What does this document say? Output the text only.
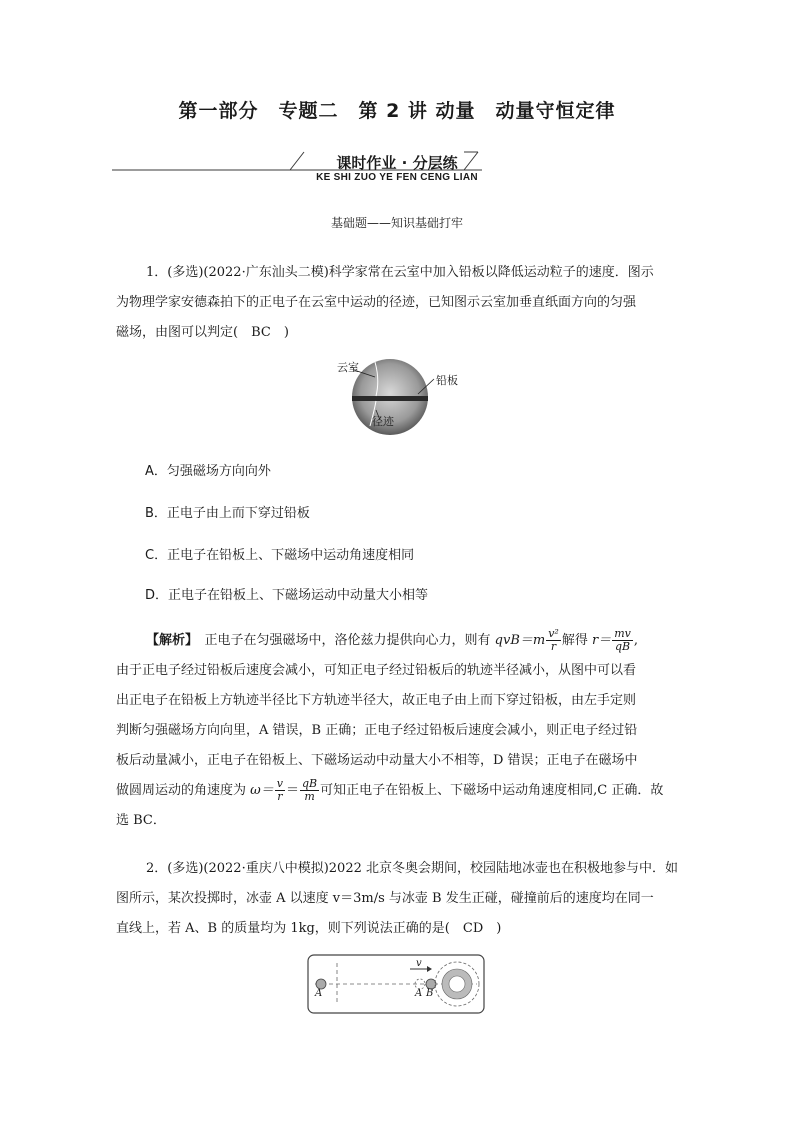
第一部分　专题二　第 2 讲 动量　动量守恒定律
课时作业 · 分层练
KE SHI ZUO YE FEN CENG LIAN
基础题——知识基础打牢
1．(多选)(2022·广东汕头二模)科学家常在云室中加入铅板以降低运动粒子的速度．图示
为物理学家安德森拍下的正电子在云室中运动的径迹，已知图示云室加垂直纸面方向的匀强
磁场，由图可以判定(　BC　)
云室
铅板
径迹
A．匀强磁场方向向外
B．正电子由上而下穿过铅板
C．正电子在铅板上、下磁场中运动角速度相同
D．正电子在铅板上、下磁场运动中动量大小相等
【解析】　正电子在匀强磁场中，洛伦兹力提供向心力，则有 $qvB=m \frac{\text{v²}}{r}$ 解得 $r= \frac{mv}{qB}$ ,
由于正电子经过铅板后速度会减小，可知正电子经过铅板后的轨迹半径减小，从图中可以看
出正电子在铅板上方轨迹半径比下方轨迹半径大，故正电子由上而下穿过铅板，由左手定则
判断匀强磁场方向向里，A 错误，B 正确；正电子经过铅板后速度会减小，则正电子经过铅
板后动量减小，正电子在铅板上、下磁场运动中动量大小不相等，D 错误；正电子在磁场中
做圆周运动的角速度为 $\omega= \frac{v}{r} = \frac{qB}{m}$ 可知正电子在铅板上、下磁场中运动角速度相同,C 正确．故
选 BC．
2．(多选)(2022·重庆八中模拟)2022 北京冬奥会期间，校园陆地冰壶也在积极地参与中．如
图所示，某次投掷时，冰壶 A 以速度 v＝3m/s 与冰壶 B 发生正碰，碰撞前后的速度均在同一
直线上，若 A、B 的质量均为 1kg，则下列说法正确的是(　CD　)
A	A B
v
